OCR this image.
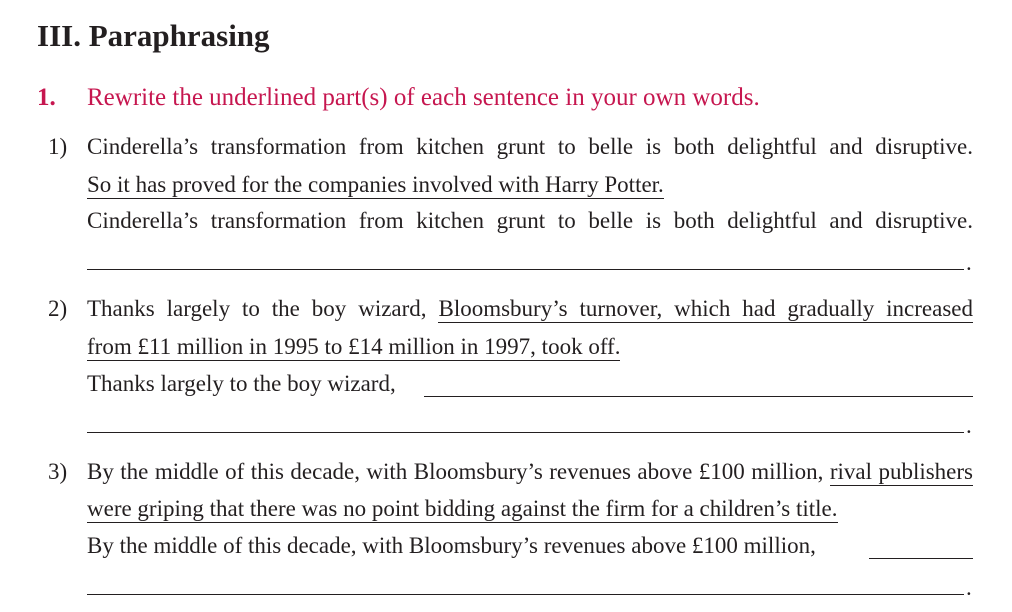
III. Paraphrasing
1. Rewrite the underlined part(s) of each sentence in your own words.
1) Cinderella’s transformation from kitchen grunt to belle is both delightful and disruptive.
So it has proved for the companies involved with Harry Potter.
Cinderella’s transformation from kitchen grunt to belle is both delightful and disruptive.
.
2) Thanks largely to the boy wizard, Bloomsbury’s turnover, which had gradually increased
from £11 million in 1995 to £14 million in 1997, took off.
Thanks largely to the boy wizard,
.
3) By the middle of this decade, with Bloomsbury’s revenues above £100 million, rival publishers
were griping that there was no point bidding against the firm for a children’s title.
By the middle of this decade, with Bloomsbury’s revenues above £100 million,
.
